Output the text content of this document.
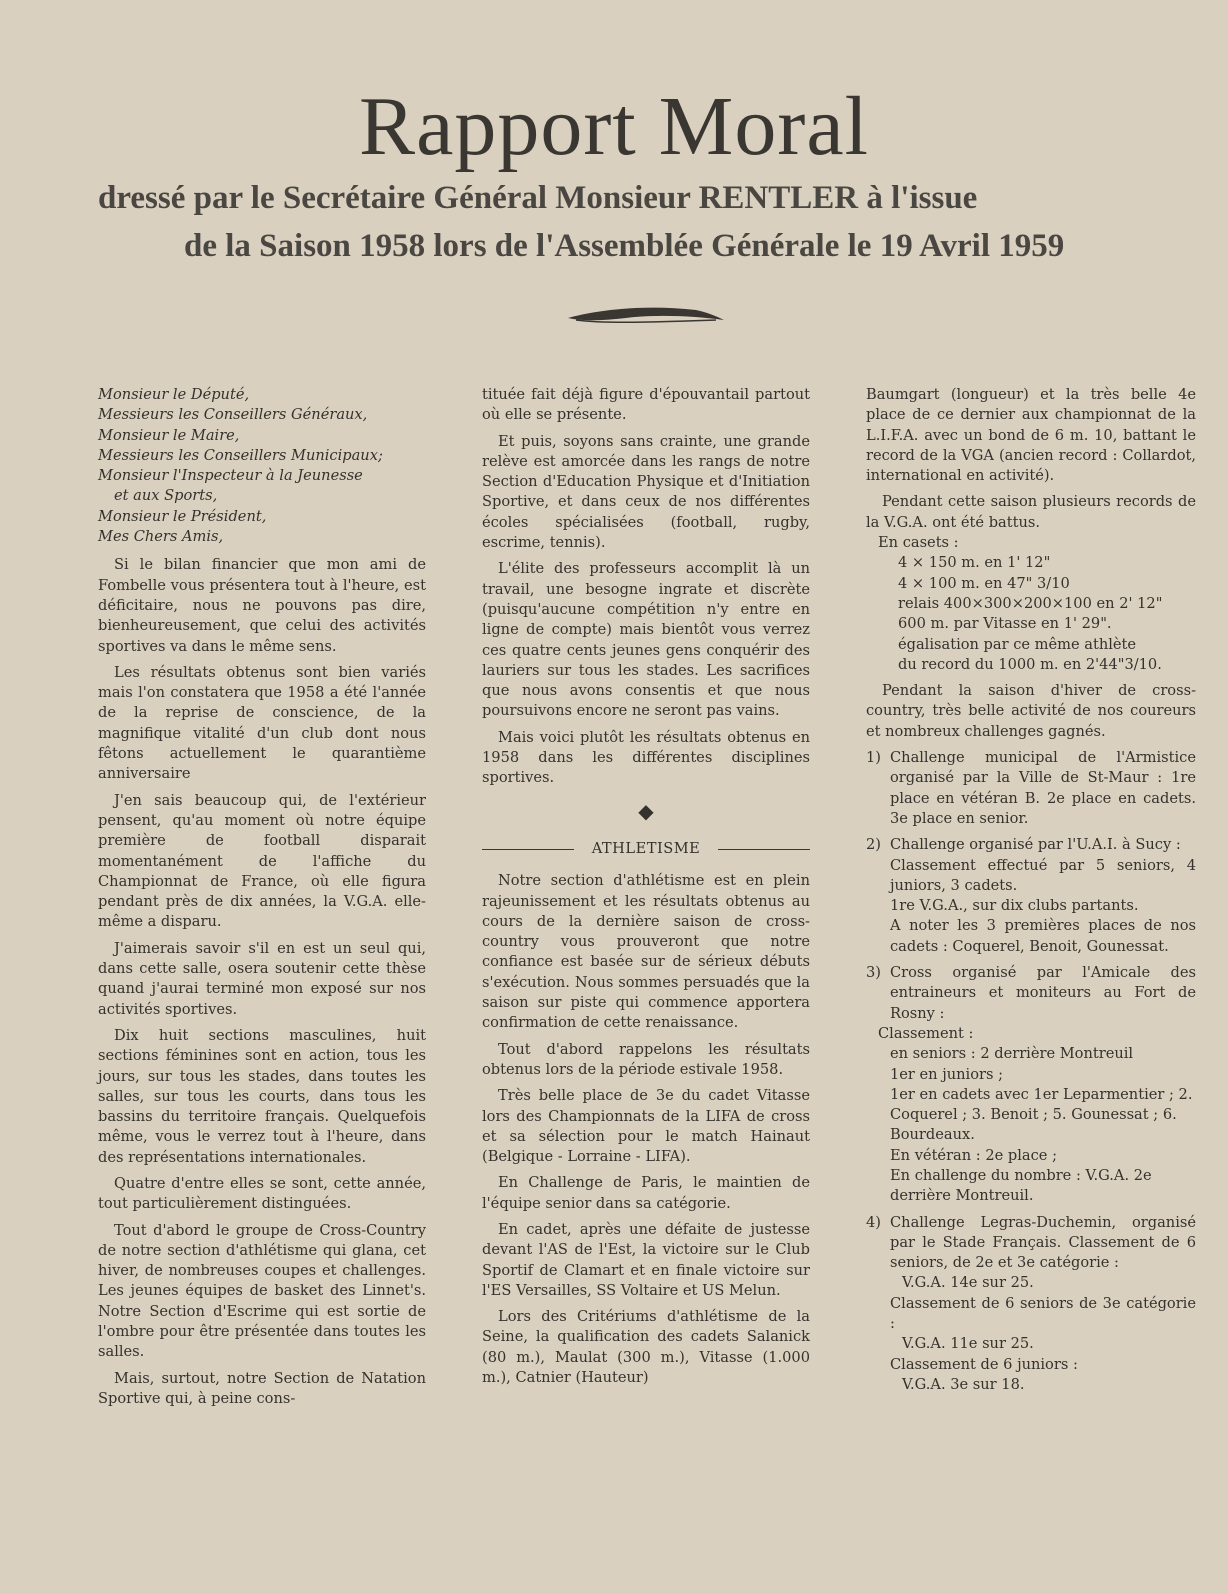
Rapport Moral
dressé par le Secrétaire Général Monsieur RENTLER à l'issue
de la Saison 1958 lors de l'Assemblée Générale le 19 Avril 1959
Monsieur le Député,
Messieurs les Conseillers Généraux,
Monsieur le Maire,
Messieurs les Conseillers Municipaux;
Monsieur l'Inspecteur à la Jeunesse
et aux Sports,
Monsieur le Président,
Mes Chers Amis,

Si le bilan financier que mon ami de Fombelle vous présentera tout à l'heure, est déficitaire, nous ne pouvons pas dire, bienheureusement, que celui des activités sportives va dans le même sens.

Les résultats obtenus sont bien variés mais l'on constatera que 1958 a été l'année de la reprise de conscience, de la magnifique vitalité d'un club dont nous fêtons actuellement le quarantième anniversaire

J'en sais beaucoup qui, de l'extérieur pensent, qu'au moment où notre équipe première de football disparait momentanément de l'affiche du Championnat de France, où elle figura pendant près de dix années, la V.G.A. elle-même a disparu.

J'aimerais savoir s'il en est un seul qui, dans cette salle, osera soutenir cette thèse quand j'aurai terminé mon exposé sur nos activités sportives.

Dix huit sections masculines, huit sections féminines sont en action, tous les jours, sur tous les stades, dans toutes les salles, sur tous les courts, dans tous les bassins du territoire français. Quelquefois même, vous le verrez tout à l'heure, dans des représentations internationales.

Quatre d'entre elles se sont, cette année, tout particulièrement distinguées.

Tout d'abord le groupe de Cross-Country de notre section d'athlétisme qui glana, cet hiver, de nombreuses coupes et challenges. Les jeunes équipes de basket des Linnet's. Notre Section d'Escrime qui est sortie de l'ombre pour être présentée dans toutes les salles.

Mais, surtout, notre Section de Natation Sportive qui, à peine cons-

tituée fait déjà figure d'épouvantail partout où elle se présente.

Et puis, soyons sans crainte, une grande relève est amorcée dans les rangs de notre Section d'Education Physique et d'Initiation Sportive, et dans ceux de nos différentes écoles spécialisées (football, rugby, escrime, tennis).

L'élite des professeurs accomplit là un travail, une besogne ingrate et discrète (puisqu'aucune compétition n'y entre en ligne de compte) mais bientôt vous verrez ces quatre cents jeunes gens conquérir des lauriers sur tous les stades. Les sacrifices que nous avons consentis et que nous poursuivons encore ne seront pas vains.

Mais voici plutôt les résultats obtenus en 1958 dans les différentes disciplines sportives.

◆
ATHLETISME

Notre section d'athlétisme est en plein rajeunissement et les résultats obtenus au cours de la dernière saison de cross-country vous prouveront que notre confiance est basée sur de sérieux débuts s'exécution. Nous sommes persuadés que la saison sur piste qui commence apportera confirmation de cette renaissance.

Tout d'abord rappelons les résultats obtenus lors de la période estivale 1958.

Très belle place de 3e du cadet Vitasse lors des Championnats de la LIFA de cross et sa sélection pour le match Hainaut (Belgique - Lorraine - LIFA).

En Challenge de Paris, le maintien de l'équipe senior dans sa catégorie.

En cadet, après une défaite de justesse devant l'AS de l'Est, la victoire sur le Club Sportif de Clamart et en finale victoire sur l'ES Versailles, SS Voltaire et US Melun.

Lors des Critériums d'athlétisme de la Seine, la qualification des cadets Salanick (80 m.), Maulat (300 m.), Vitasse (1.000 m.), Catnier (Hauteur)

Baumgart (longueur) et la très belle 4e place de ce dernier aux championnat de la L.I.F.A. avec un bond de 6 m. 10, battant le record de la VGA (ancien record : Collardot, international en activité).

Pendant cette saison plusieurs records de la V.G.A. ont été battus.

En casets :
4 × 150 m. en 1' 12"
4 × 100 m. en 47" 3/10
relais 400×300×200×100 en 2' 12"
600 m. par Vitasse en 1' 29".
égalisation par ce même athlète
du record du 1000 m. en 2'44"3/10.

Pendant la saison d'hiver de cross-country, très belle activité de nos coureurs et nombreux challenges gagnés.

1) Challenge municipal de l'Armistice organisé par la Ville de St-Maur : 1re place en vétéran B. 2e place en cadets. 3e place en senior.
2) Challenge organisé par l'U.A.I. à Sucy :
Classement effectué par 5 seniors, 4 juniors, 3 cadets.
1re V.G.A., sur dix clubs partants.
A noter les 3 premières places de nos cadets : Coquerel, Benoit, Gounessat.
3) Cross organisé par l'Amicale des entraineurs et moniteurs au Fort de Rosny :
Classement :
en seniors : 2 derrière Montreuil
1er en juniors ;
1er en cadets avec 1er Leparmentier ; 2. Coquerel ; 3. Benoit ; 5. Gounessat ; 6. Bourdeaux.
En vétéran : 2e place ;
En challenge du nombre : V.G.A. 2e derrière Montreuil.
4) Challenge Legras-Duchemin, organisé par le Stade Français. Classement de 6 seniors, de 2e et 3e catégorie :
V.G.A. 14e sur 25.
Classement de 6 seniors de 3e catégorie :
V.G.A. 11e sur 25.
Classement de 6 juniors :
V.G.A. 3e sur 18.
